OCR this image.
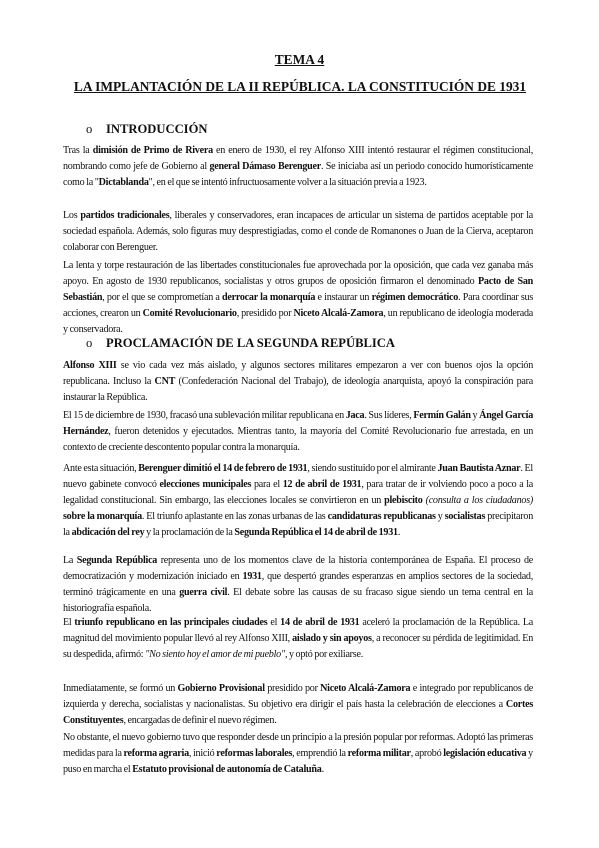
TEMA 4
LA IMPLANTACIÓN DE LA II REPÚBLICA. LA CONSTITUCIÓN DE 1931
o INTRODUCCIÓN

Tras la dimisión de Primo de Rivera en enero de 1930, el rey Alfonso XIII intentó restaurar el régimen constitucional, nombrando como jefe de Gobierno al general Dámaso Berenguer. Se iniciaba así un periodo conocido humorísticamente como la "Dictablanda", en el que se intentó infructuosamente volver a la situación previa a 1923.

Los partidos tradicionales, liberales y conservadores, eran incapaces de articular un sistema de partidos aceptable por la sociedad española. Además, solo figuras muy desprestigiadas, como el conde de Romanones o Juan de la Cierva, aceptaron colaborar con Berenguer.

La lenta y torpe restauración de las libertades constitucionales fue aprovechada por la oposición, que cada vez ganaba más apoyo. En agosto de 1930 republicanos, socialistas y otros grupos de oposición firmaron el denominado Pacto de San Sebastián, por el que se comprometían a derrocar la monarquía e instaurar un régimen democrático. Para coordinar sus acciones, crearon un Comité Revolucionario, presidido por Niceto Alcalá-Zamora, un republicano de ideología moderada y conservadora.

o PROCLAMACIÓN DE LA SEGUNDA REPÚBLICA

Alfonso XIII se vio cada vez más aislado, y algunos sectores militares empezaron a ver con buenos ojos la opción republicana. Incluso la CNT (Confederación Nacional del Trabajo), de ideología anarquista, apoyó la conspiración para instaurar la República.

El 15 de diciembre de 1930, fracasó una sublevación militar republicana en Jaca. Sus líderes, Fermín Galán y Ángel García Hernández, fueron detenidos y ejecutados. Mientras tanto, la mayoría del Comité Revolucionario fue arrestada, en un contexto de creciente descontento popular contra la monarquía.

Ante esta situación, Berenguer dimitió el 14 de febrero de 1931, siendo sustituido por el almirante Juan Bautista Aznar. El nuevo gabinete convocó elecciones municipales para el 12 de abril de 1931, para tratar de ir volviendo poco a poco a la legalidad constitucional. Sin embargo, las elecciones locales se convirtieron en un plebiscito (consulta a los ciudadanos) sobre la monarquía. El triunfo aplastante en las zonas urbanas de las candidaturas republicanas y socialistas precipitaron la abdicación del rey y la proclamación de la Segunda República el 14 de abril de 1931.

La Segunda República representa uno de los momentos clave de la historia contemporánea de España. El proceso de democratización y modernización iniciado en 1931, que despertó grandes esperanzas en amplios sectores de la sociedad, terminó trágicamente en una guerra civil. El debate sobre las causas de su fracaso sigue siendo un tema central en la historiografía española.

El triunfo republicano en las principales ciudades el 14 de abril de 1931 aceleró la proclamación de la República. La magnitud del movimiento popular llevó al rey Alfonso XIII, aislado y sin apoyos, a reconocer su pérdida de legitimidad. En su despedida, afirmó: "No siento hoy el amor de mi pueblo", y optó por exiliarse.

Inmediatamente, se formó un Gobierno Provisional presidido por Niceto Alcalá-Zamora e integrado por republicanos de izquierda y derecha, socialistas y nacionalistas. Su objetivo era dirigir el país hasta la celebración de elecciones a Cortes Constituyentes, encargadas de definir el nuevo régimen.

No obstante, el nuevo gobierno tuvo que responder desde un principio a la presión popular por reformas. Adoptó las primeras medidas para la reforma agraria, inició reformas laborales, emprendió la reforma militar, aprobó legislación educativa y puso en marcha el Estatuto provisional de autonomía de Cataluña.
